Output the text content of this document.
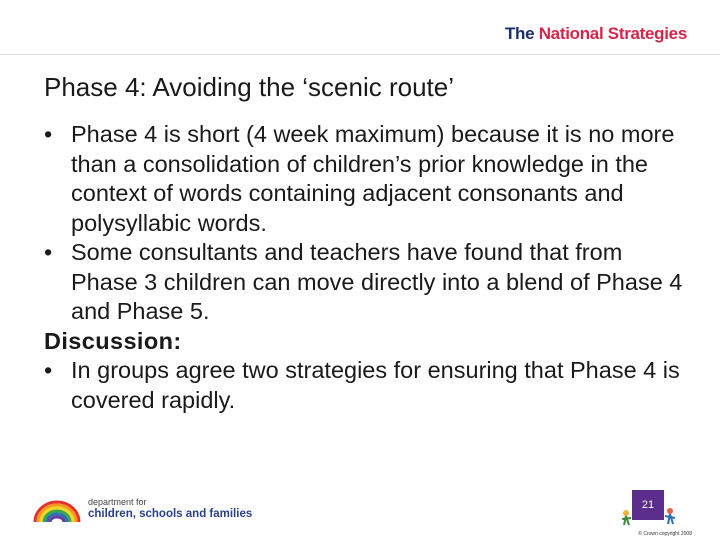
The National Strategies
Phase 4: Avoiding the ‘scenic route’
• Phase 4 is short (4 week maximum) because it is no more than a consolidation of children’s prior knowledge in the context of words containing adjacent consonants and polysyllabic words.
• Some consultants and teachers have found that from Phase 3 children can move directly into a blend of Phase 4 and Phase 5.
Discussion:
• In groups agree two strategies for ensuring that Phase 4 is covered rapidly.
department for
children, schools and families
21
© Crown copyright 2008
